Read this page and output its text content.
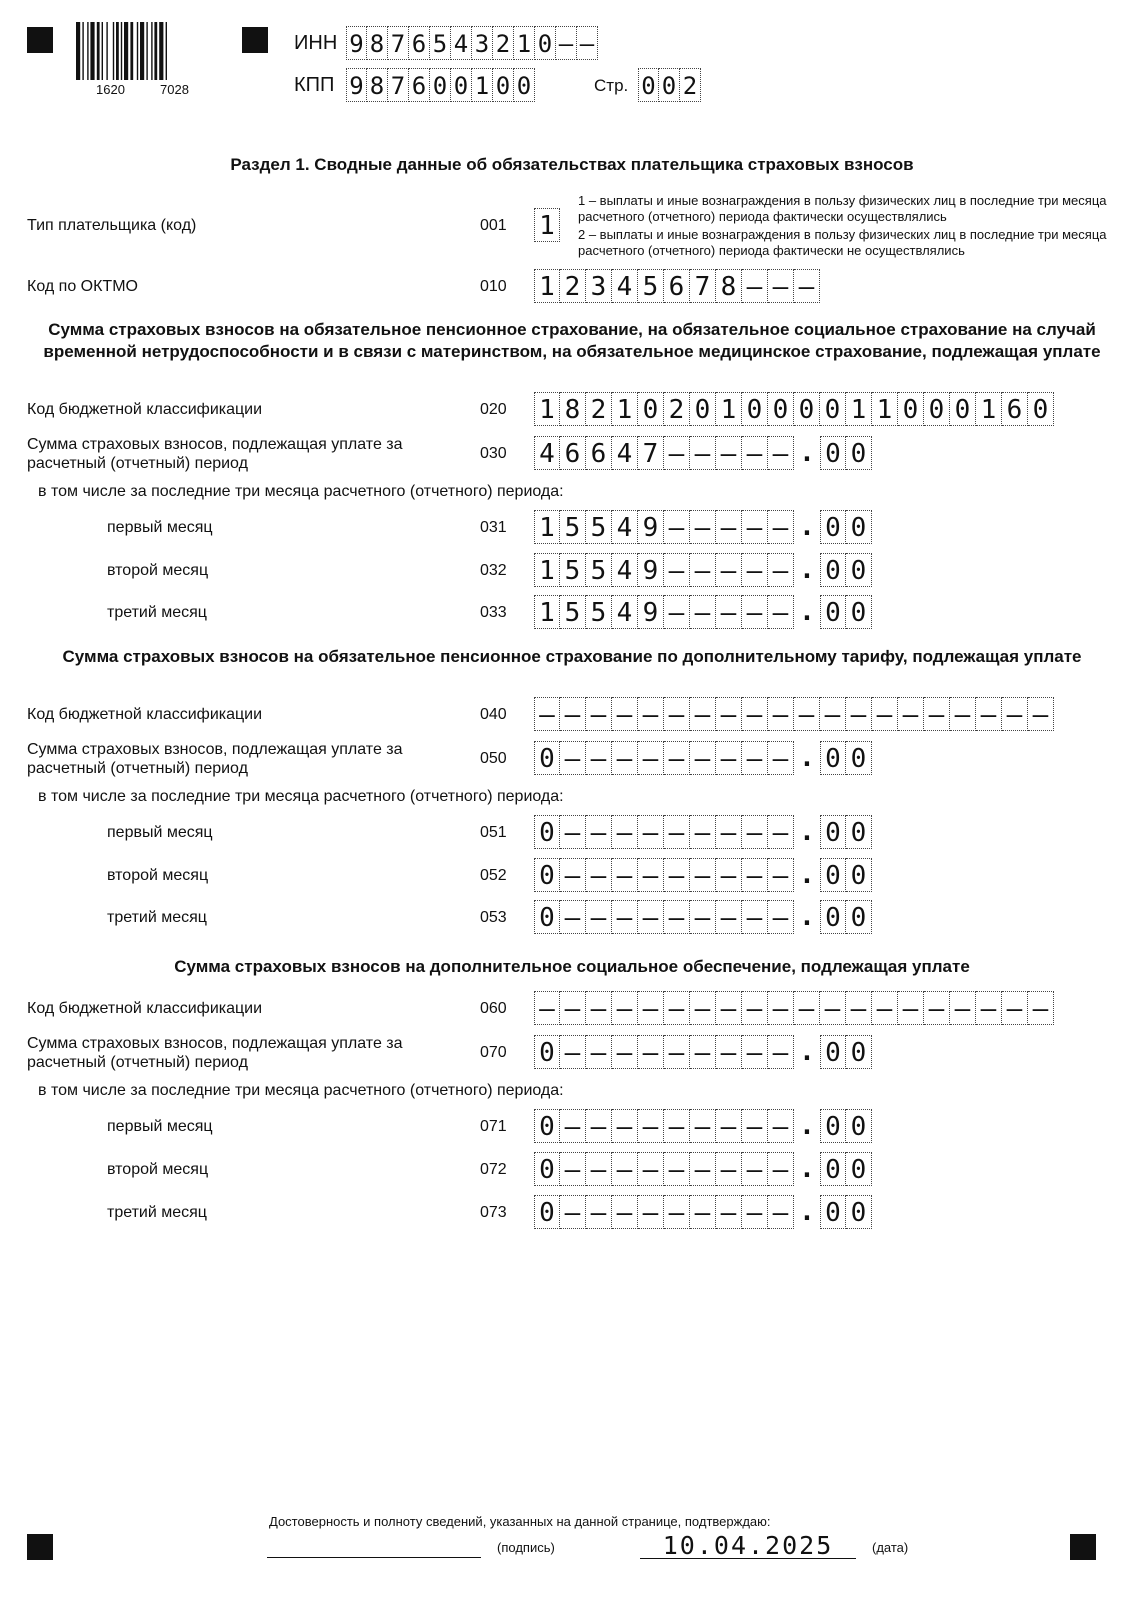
1620	7028
ИНН 9 8 7 6 5 4 3 2 1 0 – –
КПП 9 8 7 6 0 0 1 0 0	Стр. 0 0 2
Раздел 1. Сводные данные об обязательствах плательщика страховых взносов
Тип плательщика (код)	001 1
1 – выплаты и иные вознаграждения в пользу физических лиц в последние три месяца расчетного (отчетного) периода фактически осуществлялись
2 – выплаты и иные вознаграждения в пользу физических лиц в последние три месяца расчетного (отчетного) периода фактически не осуществлялись
Код по ОКТМО	010 1 2 3 4 5 6 7 8 – – –
Сумма страховых взносов на обязательное пенсионное страхование, на обязательное социальное страхование на случай временной нетрудоспособности и в связи с материнством, на обязательное медицинское страхование, подлежащая уплате
Код бюджетной классификации	020 1 8 2 1 0 2 0 1 0 0 0 0 1 1 0 0 0 1 6 0
Сумма страховых взносов, подлежащая уплате за расчетный (отчетный) период
030 4 6 6 4 7 – – – – – . 0 0
в том числе за последние три месяца расчетного (отчетного) периода:
первый месяц	031 1 5 5 4 9 – – – – – . 0 0
второй месяц	032 1 5 5 4 9 – – – – – . 0 0
третий месяц	033 1 5 5 4 9 – – – – – . 0 0
Сумма страховых взносов на обязательное пенсионное страхование по дополнительному тарифу, подлежащая уплате
Код бюджетной классификации	040 – – – – – – – – – – – – – – – – – – – –
Сумма страховых взносов, подлежащая уплате за расчетный (отчетный) период
050 0 – – – – – – – – – . 0 0
в том числе за последние три месяца расчетного (отчетного) периода:
первый месяц	051 0 – – – – – – – – – . 0 0
второй месяц	052 0 – – – – – – – – – . 0 0
третий месяц	053 0 – – – – – – – – – . 0 0
Сумма страховых взносов на дополнительное социальное обеспечение, подлежащая уплате
Код бюджетной классификации	060 – – – – – – – – – – – – – – – – – – – –
Сумма страховых взносов, подлежащая уплате за расчетный (отчетный) период
070 0 – – – – – – – – – . 0 0
в том числе за последние три месяца расчетного (отчетного) периода:
первый месяц	071 0 – – – – – – – – – . 0 0
второй месяц	072 0 – – – – – – – – – . 0 0
третий месяц	073 0 – – – – – – – – – . 0 0
Достоверность и полноту сведений, указанных на данной странице, подтверждаю:
(подпись)	10.04.2025	(дата)
